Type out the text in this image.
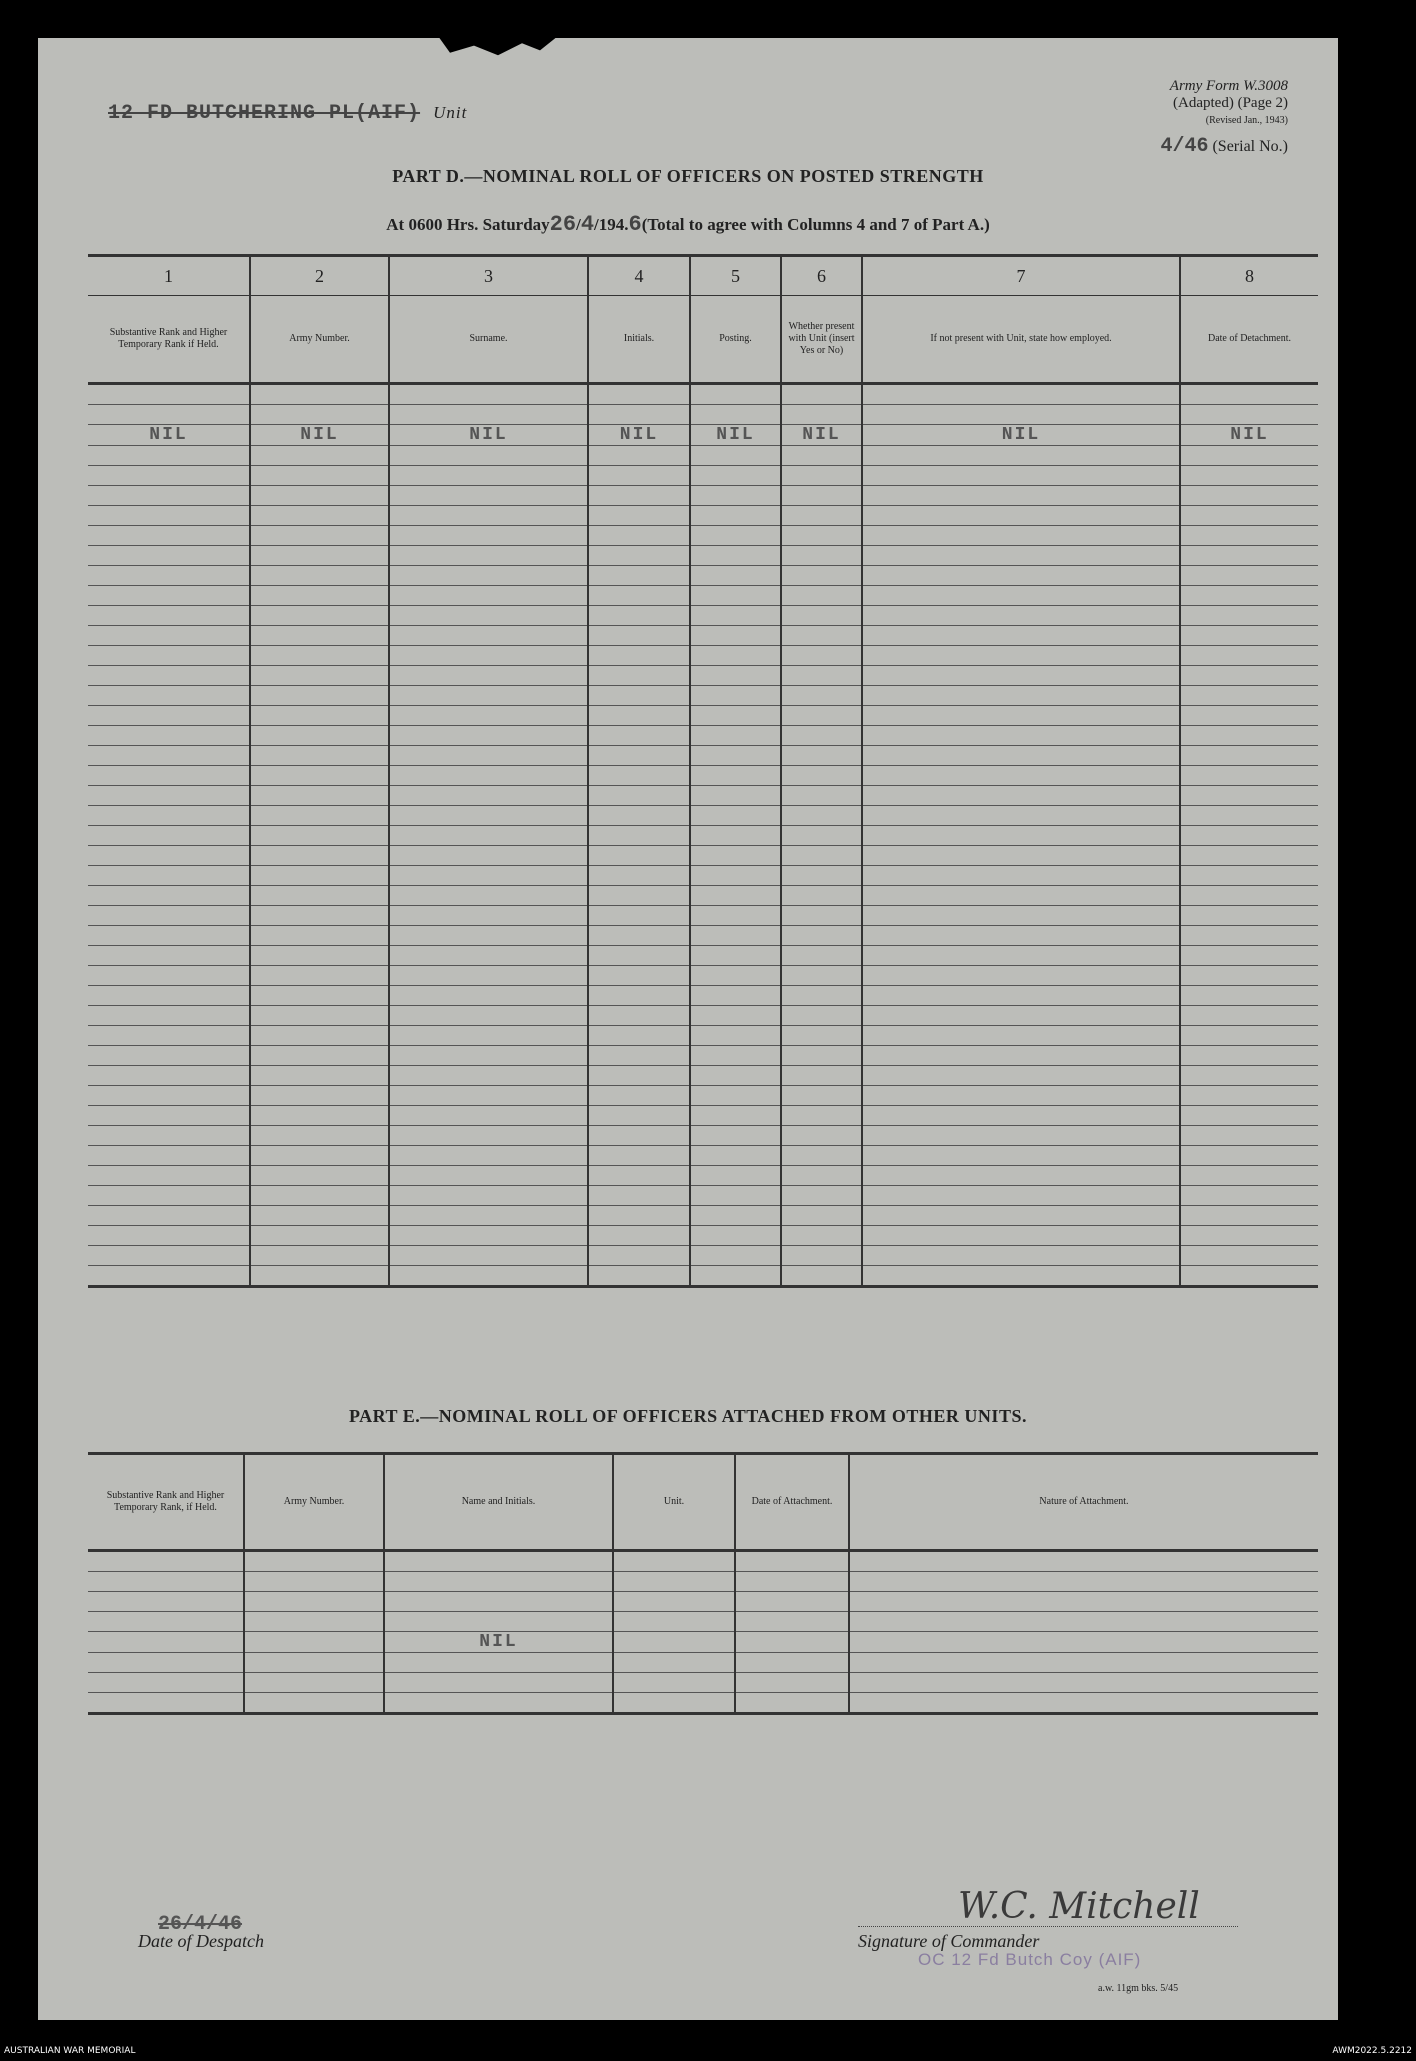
Army Form W.3008
(Adapted) (Page 2)
(Revised Jan., 1943)
12 FD BUTCHERING PL(AIF) Unit
4/46 (Serial No.)
PART D.—NOMINAL ROLL OF OFFICERS ON POSTED STRENGTH
At 0600 Hrs. Saturday26/4/194.6(Total to agree with Columns 4 and 7 of Part A.)
1	2	3	4	5	6	7	8
Substantive Rank and Higher Temporary Rank if Held.	Army Number.	Surname.	Initials.	Posting.	Whether present with Unit (insert Yes or No)	If not present with Unit, state how employed.	Date of Detachment.

NIL	NIL	NIL	NIL	NIL	NIL	NIL	NIL

PART E.—NOMINAL ROLL OF OFFICERS ATTACHED FROM OTHER UNITS.
Substantive Rank and Higher Temporary Rank, if Held.	Army Number.	Name and Initials.	Unit.	Date of Attachment.	Nature of Attachment.

		NIL			

26/4/46
Date of Despatch
W.C. Mitchell
Signature of Commander
OC 12 Fd Butch Coy (AIF)
a.w. 11gm bks. 5/45
AUSTRALIAN WAR MEMORIAL	AWM2022.5.2212
